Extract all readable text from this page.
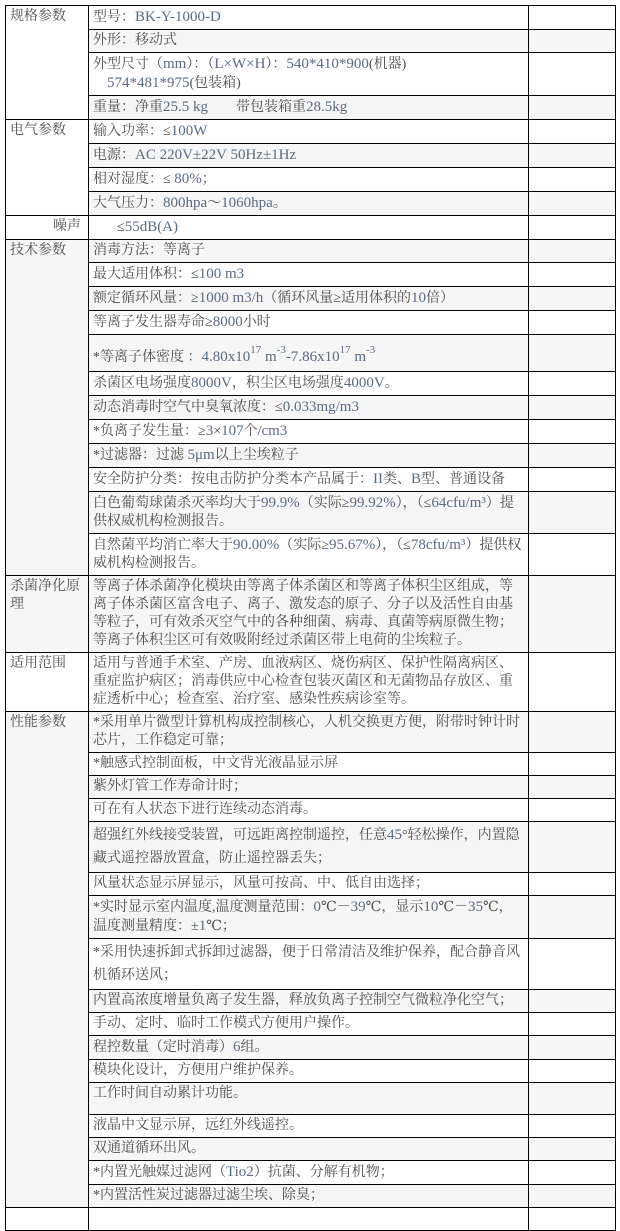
规格参数	型号：BK-Y-1000-D	
	外形：移动式	
	外型尺寸（mm）：（L×W×H）：540*410*900(机器)
574*481*975(包装箱)	
	重量：净重25.5 kg 带包装箱重28.5kg	
电气参数	输入功率：≤100W	
	电源：AC 220V±22V 50Hz±1Hz	
	相对湿度：≤ 80%；	
	大气压力：800hpa～1060hpa。	
噪声	≤55dB(A)	
技术参数	消毒方法：等离子	
	最大适用体积：≤100 m3	
	额定循环风量：≥1000 m3/h（循环风量≥适用体积的10倍）	
	等离子发生器寿命≥8000小时	
	*等离子体密度 ：$4.80x10^{17}$ $m^{-3}-7.86x10^{17}$ $m^{-3}$	
	杀菌区电场强度8000V，积尘区电场强度4000V。	
	动态消毒时空气中臭氧浓度：≤0.033mg/m3	
	*负离子发生量：≥3×107个/cm3	
	*过滤器：过滤 5μm以上尘埃粒子	
	安全防护分类：按电击防护分类本产品属于：II类、B型、普通设备	
	白色葡萄球菌杀灭率均大于99.9%（实际≥99.92%），（≤64cfu/m³）提供权威机构检测报告。	
	自然菌平均消亡率大于90.00%（实际≥95.67%），（≤78cfu/m³）提供权威机构检测报告。	
杀菌净化原理	等离子体杀菌净化模块由等离子体杀菌区和等离子体积尘区组成，等离子体杀菌区富含电子、离子、激发态的原子、分子以及活性自由基等粒子，可有效杀灭空气中的各种细菌、病毒、真菌等病原微生物；等离子体积尘区可有效吸附经过杀菌区带上电荷的尘埃粒子。	
适用范围	适用与普通手术室、产房、血液病区、烧伤病区、保护性隔离病区、重症监护病区；消毒供应中心检查包装灭菌区和无菌物品存放区、重症透析中心；检查室、治疗室、感染性疾病诊室等。	
性能参数	*采用单片微型计算机构成控制核心，人机交换更方便，附带时钟计时芯片，工作稳定可靠；	
	*触感式控制面板，中文背光液晶显示屏	
	紫外灯管工作寿命计时；	
	可在有人状态下进行连续动态消毒。	
	超强红外线接受装置，可远距离控制遥控，任意45°轻松操作，内置隐藏式遥控器放置盒，防止遥控器丢失；	
	风量状态显示屏显示，风量可按高、中、低自由选择；	
	*实时显示室内温度,温度测量范围：0℃－39℃，显示10℃－35℃，温度测量精度：±1℃；	
	*采用快速拆卸式拆卸过滤器，便于日常清洁及维护保养，配合静音风机循环送风；	
	内置高浓度增量负离子发生器，释放负离子控制空气微粒净化空气；	
	手动、定时、临时工作模式方便用户操作。	
	程控数量（定时消毒）6组。	
	模块化设计，方便用户维护保养。	
	工作时间自动累计功能。	
	液晶中文显示屏，远红外线遥控。	
	双通道循环出风。	
	*内置光触媒过滤网（Tio2）抗菌、分解有机物；	
	*内置活性炭过滤器过滤尘埃、除臭；	
